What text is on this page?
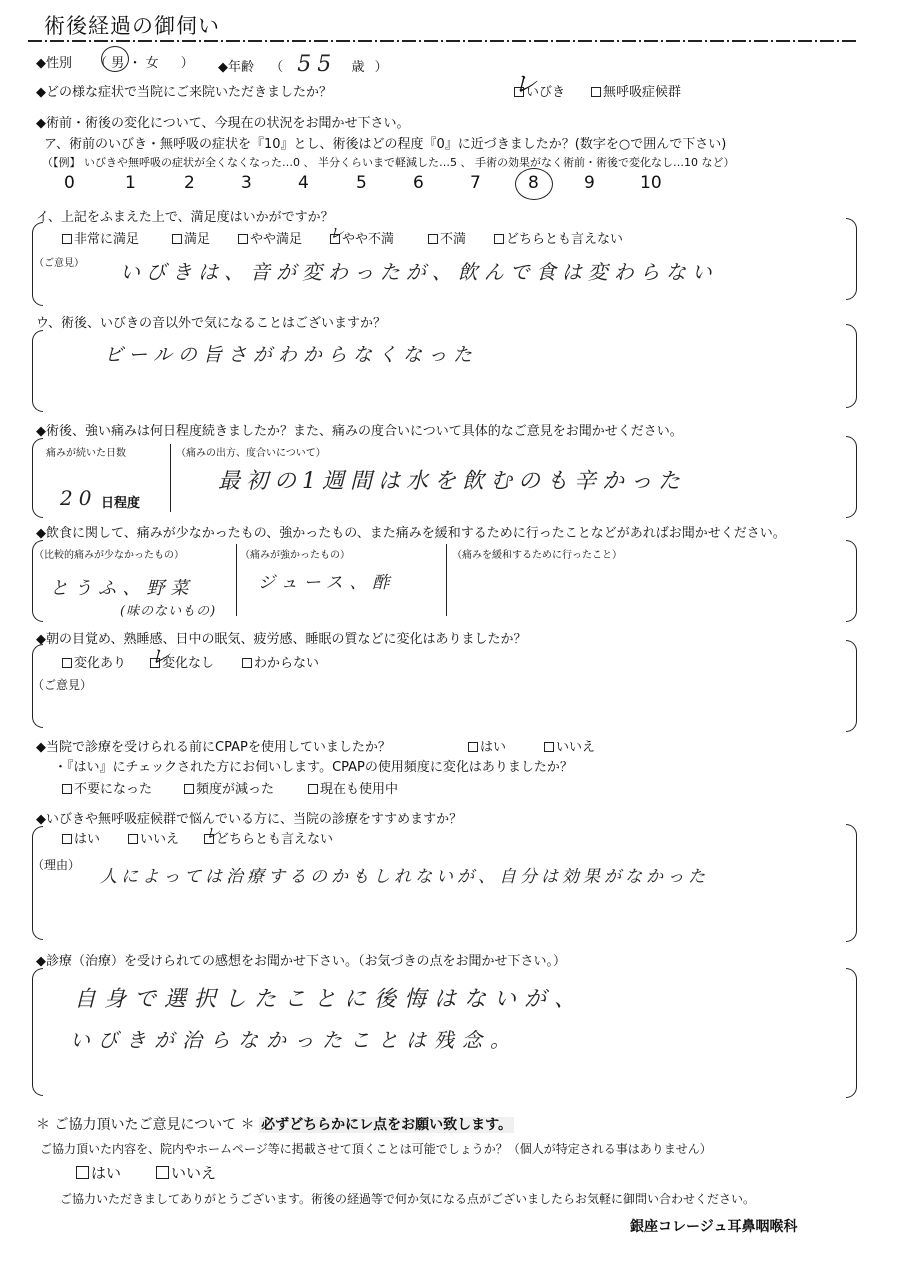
術後経過の御伺い
◆性別 （ 男 ・ 女 ） ◆年齢 （ 55 歳 ）
◆どの様な症状で当院にご来院いただきましたか？	いびき
レ	無呼吸症候群
◆術前・術後の変化について、今現在の状況をお聞かせ下さい。
ア、術前のいびき・無呼吸の症状を『10』とし、術後はどの程度『0』に近づきましたか？(数字を○で囲んで下さい)
（【例】 いびきや無呼吸の症状が全くなくなった…0 、 半分くらいまで軽減した…5 、 手術の効果がなく術前・術後で変化なし…10 など）
0	1	2	3	4	5	6	7	8	9	10
イ、上記をふまえた上で、満足度はいかがですか？
非常に満足	満足	やや満足	やや不満	不満	どちらとも言えない
レ
（ご意見） いびきは、音が変わったが、飲んで食は変わらない
ウ、術後、いびきの音以外で気になることはございますか？
ビールの旨さがわからなくなった
◆術後、強い痛みは何日程度続きましたか？また、痛みの度合いについて具体的なご意見をお聞かせください。
痛みが続いた日数
20 日程度
（痛みの出方、度合いについて）
最初の1週間は水を飲むのも辛かった
◆飲食に関して、痛みが少なかったもの、強かったもの、また痛みを緩和するために行ったことなどがあればお聞かせください。
（比較的痛みが少なかったもの）
とうふ、野菜
(味のないもの)
（痛みが強かったもの）
ジュース、酢
（痛みを緩和するために行ったこと）
◆朝の目覚め、熟睡感、日中の眠気、疲労感、睡眠の質などに変化はありましたか？
変化あり	変化なし	わからない
レ
（ご意見）
◆当院で診療を受けられる前にCPAPを使用していましたか？	はい	いいえ
・『はい』にチェックされた方にお伺いします。CPAPの使用頻度に変化はありましたか？
不要になった	頻度が減った	現在も使用中
◆いびきや無呼吸症候群で悩んでいる方に、当院の診療をすすめますか？
はい	いいえ	どちらとも言えない
レ
（理由）
人によっては治療するのかもしれないが、自分は効果がなかった
◆診療（治療）を受けられての感想をお聞かせ下さい。（お気づきの点をお聞かせ下さい。）
自身で選択したことに後悔はないが、
いびきが治らなかったことは残念。
＊ ご協力頂いたご意見について ＊ 必ずどちらかにレ点をお願い致します。
ご協力頂いた内容を、院内やホームページ等に掲載させて頂くことは可能でしょうか？（個人が特定される事はありません）
はい	いいえ
ご協力いただきましてありがとうございます。術後の経過等で何か気になる点がございましたらお気軽に御問い合わせください。
銀座コレージュ耳鼻咽喉科
